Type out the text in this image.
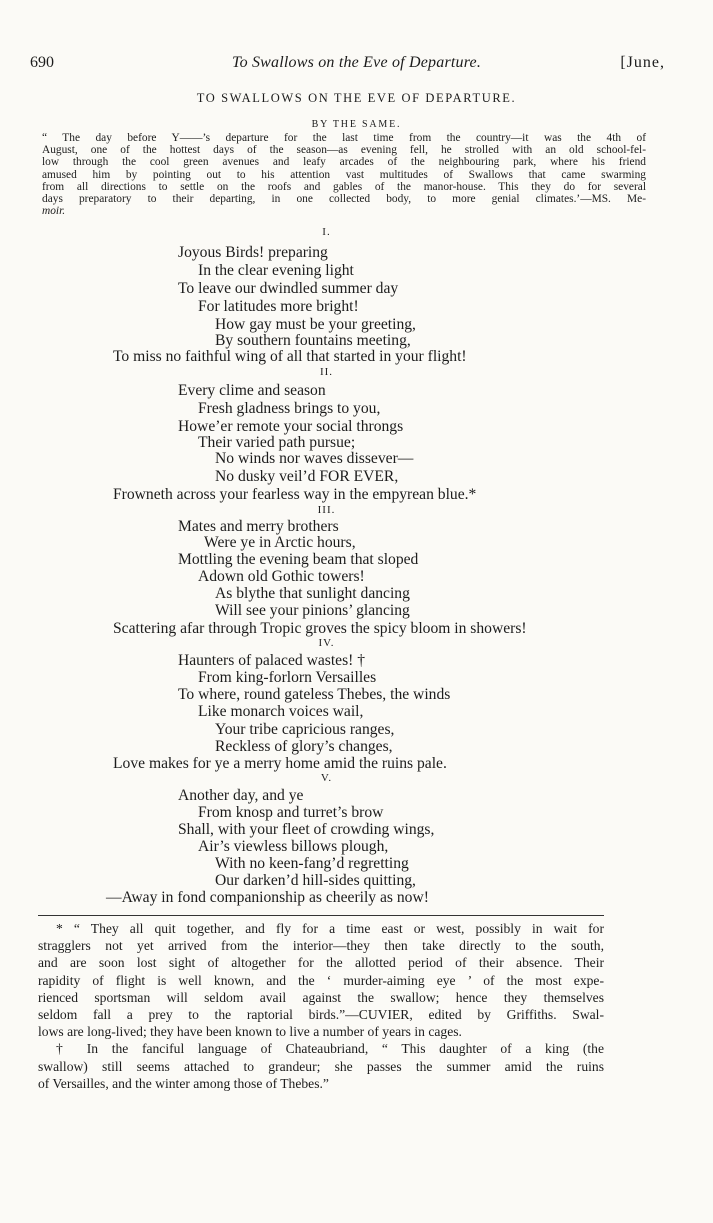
690	To Swallows on the Eve of Departure.	[June,
TO SWALLOWS ON THE EVE OF DEPARTURE.
BY THE SAME.
“ The day before Y——’s departure for the last time from the country—it was the 4th of
August, one of the hottest days of the season—as evening fell, he strolled with an old school-fel-
low through the cool green avenues and leafy arcades of the neighbouring park, where his friend
amused him by pointing out to his attention vast multitudes of Swallows that came swarming
from all directions to settle on the roofs and gables of the manor-house. This they do for several
days preparatory to their departing, in one collected body, to more genial climates.’—MS. Me-
moir.
I.
Joyous Birds! preparing
In the clear evening light
To leave our dwindled summer day
For latitudes more bright!
How gay must be your greeting,
By southern fountains meeting,
To miss no faithful wing of all that started in your flight!
II.
Every clime and season
Fresh gladness brings to you,
Howe’er remote your social throngs
Their varied path pursue;
No winds nor waves dissever—
No dusky veil’d FOR EVER,
Frowneth across your fearless way in the empyrean blue.*
III.
Mates and merry brothers
Were ye in Arctic hours,
Mottling the evening beam that sloped
Adown old Gothic towers!
As blythe that sunlight dancing
Will see your pinions’ glancing
Scattering afar through Tropic groves the spicy bloom in showers!
IV.
Haunters of palaced wastes! †
From king-forlorn Versailles
To where, round gateless Thebes, the winds
Like monarch voices wail,
Your tribe capricious ranges,
Reckless of glory’s changes,
Love makes for ye a merry home amid the ruins pale.
V.
Another day, and ye
From knosp and turret’s brow
Shall, with your fleet of crowding wings,
Air’s viewless billows plough,
With no keen-fang’d regretting
Our darken’d hill-sides quitting,
—Away in fond companionship as cheerily as now!
* “ They all quit together, and fly for a time east or west, possibly in wait for
stragglers not yet arrived from the interior—they then take directly to the south,
and are soon lost sight of altogether for the allotted period of their absence. Their
rapidity of flight is well known, and the ‘ murder-aiming eye ’ of the most expe-
rienced sportsman will seldom avail against the swallow; hence they themselves
seldom fall a prey to the raptorial birds.”—CUVIER, edited by Griffiths. Swal-
lows are long-lived; they have been known to live a number of years in cages.
† In the fanciful language of Chateaubriand, “ This daughter of a king (the
swallow) still seems attached to grandeur; she passes the summer amid the ruins
of Versailles, and the winter among those of Thebes.”
